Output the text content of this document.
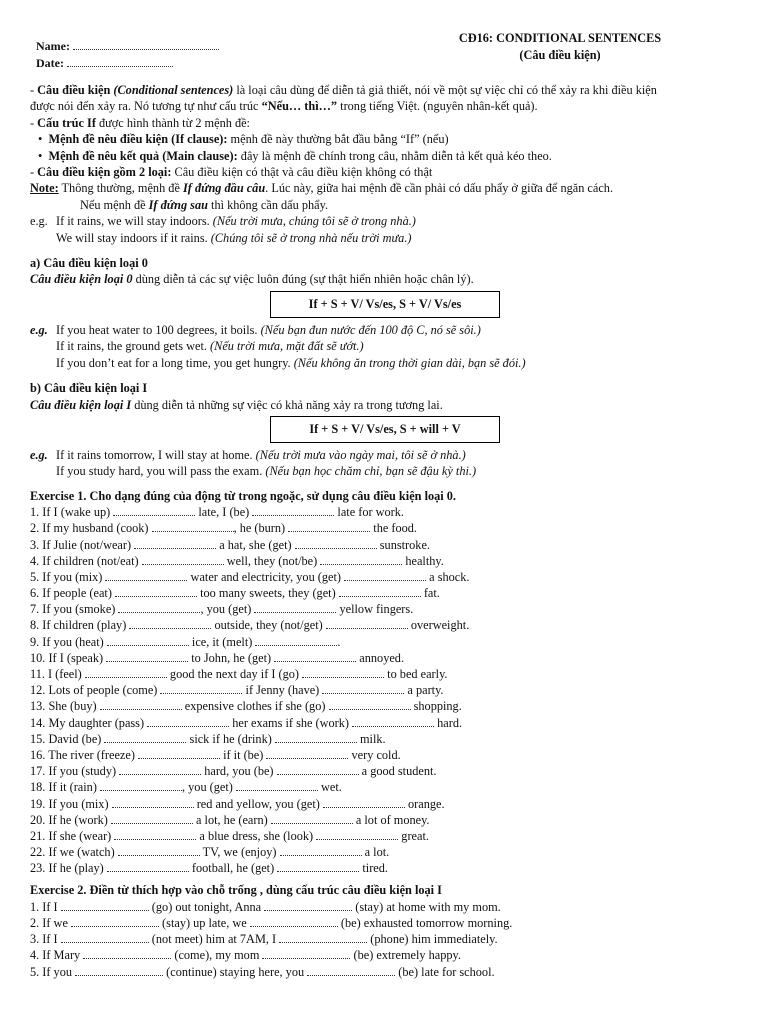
Name:
Date:
CĐ16: CONDITIONAL SENTENCES
(Câu điều kiện)
- Câu điều kiện (Conditional sentences) là loại câu dùng để diễn tả giả thiết, nói về một sự việc chỉ có thể xảy ra khi điều kiện
được nói đến xảy ra. Nó tương tự như cấu trúc “Nếu… thì…” trong tiếng Việt. (nguyên nhân-kết quả).
- Cấu trúc If được hình thành từ 2 mệnh đề:
•  Mệnh đề nêu điều kiện (If clause): mệnh đề này thường bắt đầu bằng “If” (nếu)
•  Mệnh đề nêu kết quả (Main clause): đây là mệnh đề chính trong câu, nhằm diễn tả kết quả kéo theo.
- Câu điều kiện gồm 2 loại: Câu điều kiện có thật và câu điều kiện không có thật
Note: Thông thường, mệnh đề If đứng đầu câu. Lúc này, giữa hai mệnh đề cần phải có dấu phẩy ở giữa để ngăn cách.
Nếu mệnh đề If đứng sau thì không cần dấu phẩy.
e.g. If it rains, we will stay indoors. (Nếu trời mưa, chúng tôi sẽ ở trong nhà.)
We will stay indoors if it rains. (Chúng tôi sẽ ở trong nhà nếu trời mưa.)
a) Câu điều kiện loại 0
Câu điều kiện loại 0 dùng diễn tả các sự việc luôn đúng (sự thật hiển nhiên hoặc chân lý).
If + S + V/ Vs/es, S + V/ Vs/es
e.g. If you heat water to 100 degrees, it boils. (Nếu bạn đun nước đến 100 độ C, nó sẽ sôi.)
If it rains, the ground gets wet. (Nếu trời mưa, mặt đất sẽ ướt.)
If you don’t eat for a long time, you get hungry. (Nếu không ăn trong thời gian dài, bạn sẽ đói.)
b) Câu điều kiện loại I
Câu điều kiện loại I dùng diễn tả những sự việc có khả năng xảy ra trong tương lai.
If + S + V/ Vs/es, S + will + V
e.g. If it rains tomorrow, I will stay at home. (Nếu trời mưa vào ngày mai, tôi sẽ ở nhà.)
If you study hard, you will pass the exam. (Nếu bạn học chăm chỉ, bạn sẽ đậu kỳ thi.)
Exercise 1. Cho dạng đúng của động từ trong ngoặc, sử dụng câu điều kiện loại 0.
1. If I (wake up)	late, I (be)	late for work.
2. If my husband (cook)	, he (burn)	the food.
3. If Julie (not/wear)	a hat, she (get)	sunstroke.
4. If children (not/eat)	well, they (not/be)	healthy.
5. If you (mix)	water and electricity, you (get)	a shock.
6. If people (eat)	too many sweets, they (get)	fat.
7. If you (smoke)	, you (get)	yellow fingers.
8. If children (play)	outside, they (not/get)	overweight.
9. If you (heat)	ice, it (melt)	.
10. If I (speak)	to John, he (get)	annoyed.
11. I (feel)	good the next day if I (go)	to bed early.
12. Lots of people (come)	if Jenny (have)	a party.
13. She (buy)	expensive clothes if she (go)	shopping.
14. My daughter (pass)	her exams if she (work)	hard.
15. David (be)	sick if he (drink)	milk.
16. The river (freeze)	if it (be)	very cold.
17. If you (study)	hard, you (be)	a good student.
18. If it (rain)	, you (get)	wet.
19. If you (mix)	red and yellow, you (get)	orange.
20. If he (work)	a lot, he (earn)	a lot of money.
21. If she (wear)	a blue dress, she (look)	great.
22. If we (watch)	TV, we (enjoy)	a lot.
23. If he (play)	football, he (get)	tired.
Exercise 2. Điền từ thích hợp vào chỗ trống , dùng cấu trúc câu điều kiện loại I
1. If I	(go) out tonight, Anna	(stay) at home with my mom.
2. If we	(stay) up late, we	(be) exhausted tomorrow morning.
3. If I	(not meet) him at 7AM, I	(phone) him immediately.
4. If Mary	(come), my mom	(be) extremely happy.
5. If you	(continue) staying here, you	(be) late for school.
